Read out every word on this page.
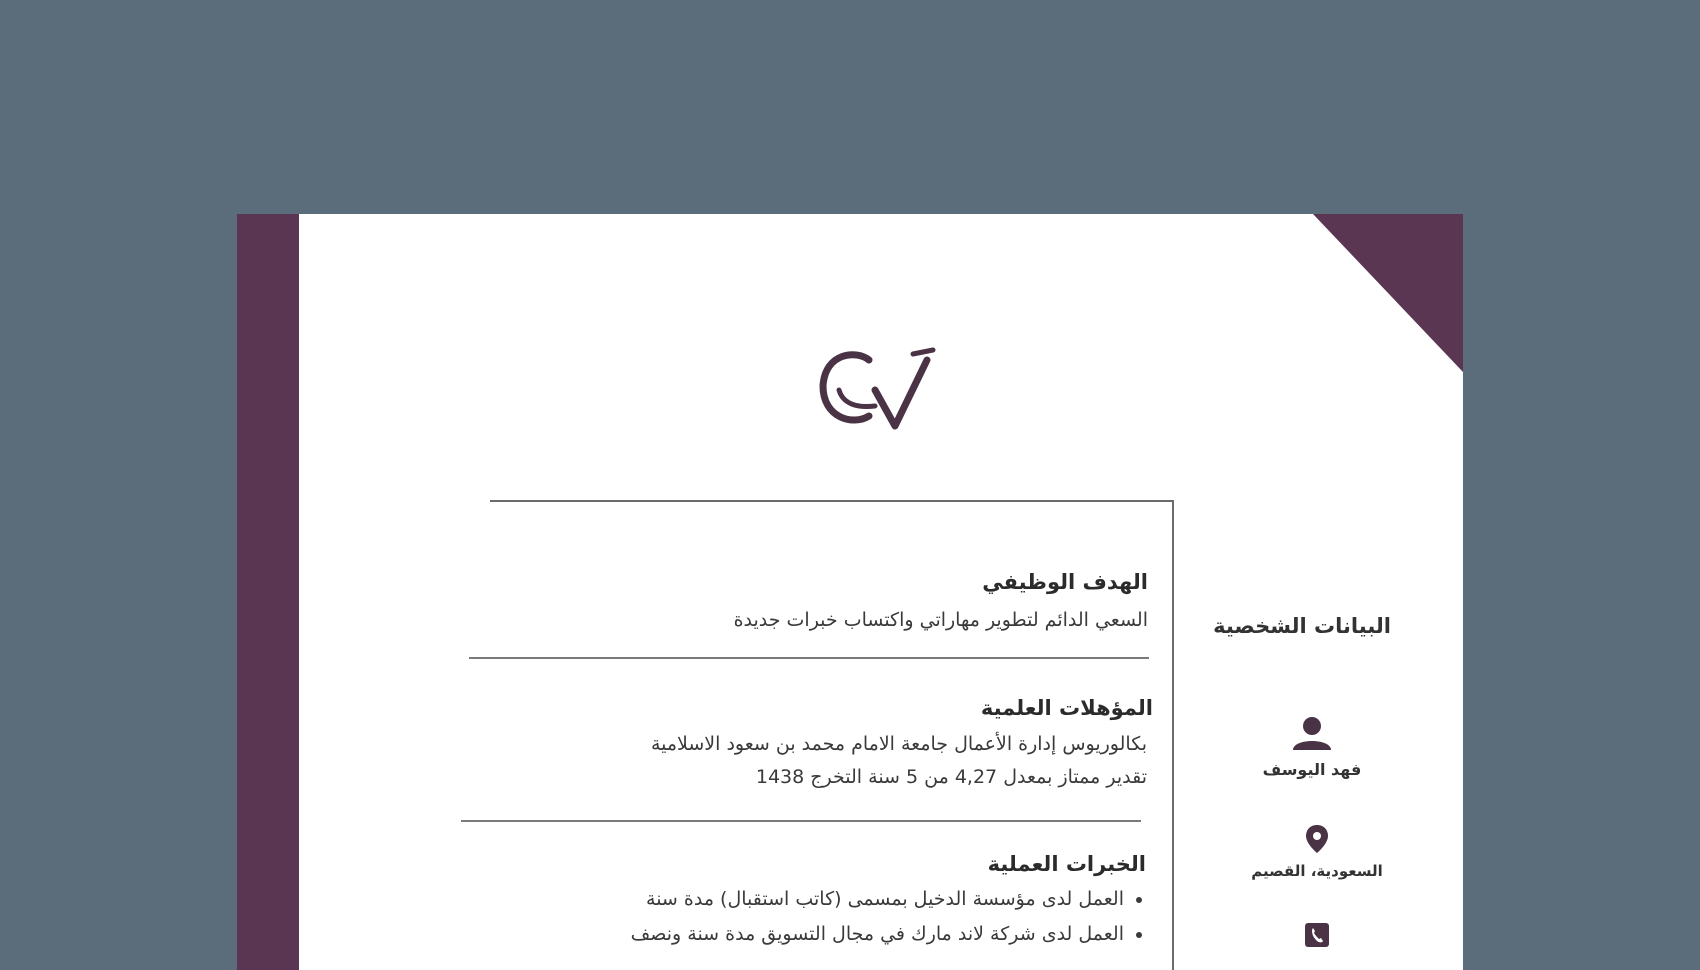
الهدف الوظيفي

السعي الدائم لتطوير مهاراتي واكتساب خبرات جديدة

المؤهلات العلمية

بكالوريوس إدارة الأعمال جامعة الامام محمد بن سعود الاسلامية

تقدير ممتاز بمعدل 4,27 من 5 سنة التخرج 1438

الخبرات العملية
• العمل لدى مؤسسة الدخيل بمسمى (كاتب استقبال) مدة سنة
• العمل لدى شركة لاند مارك في مجال التسويق مدة سنة ونصف
البيانات الشخصية
فهد اليوسف
السعودية، القصيم
